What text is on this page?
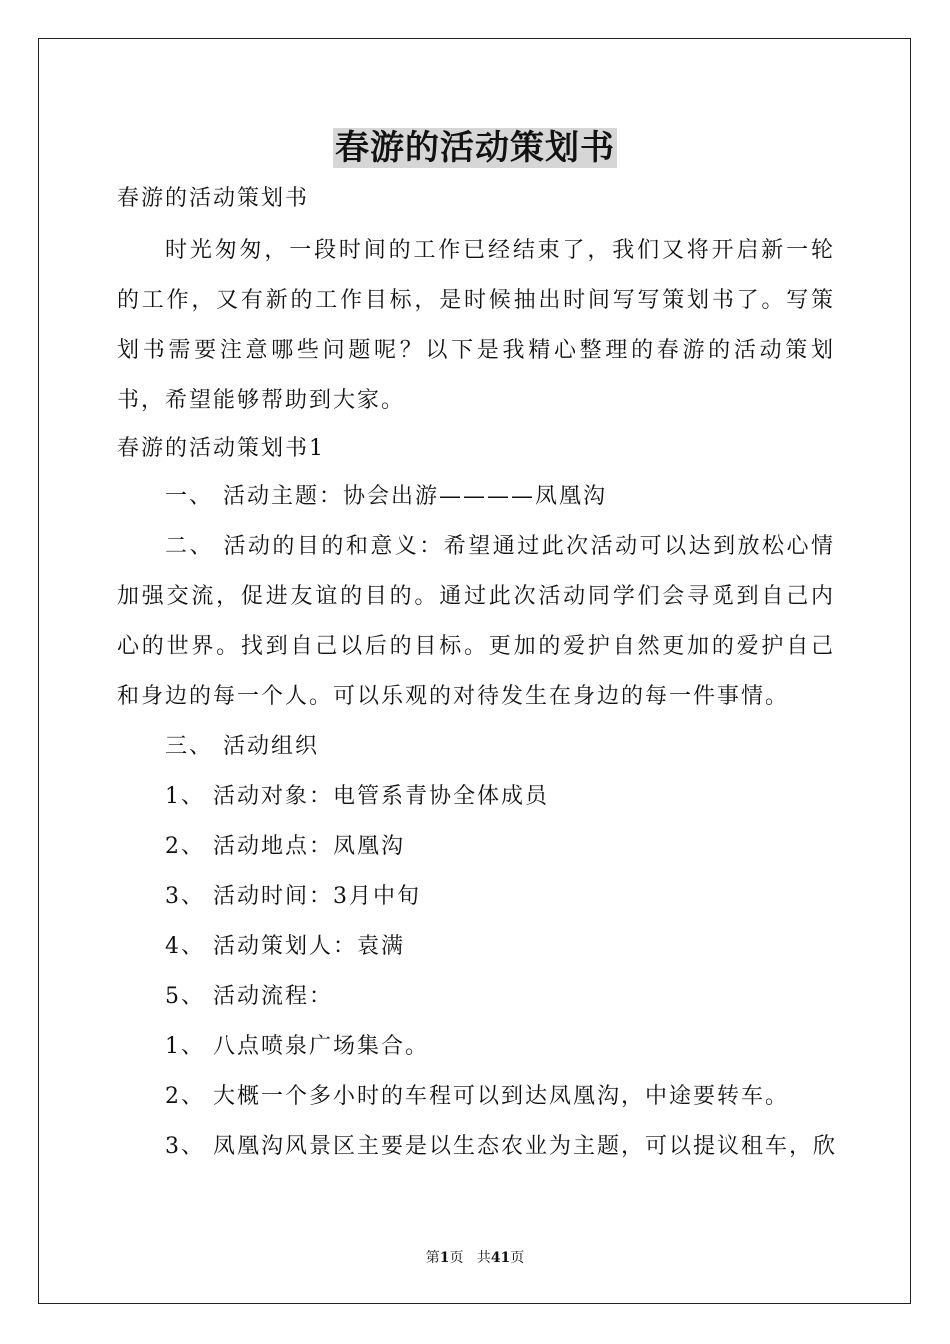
春游的活动策划书
春游的活动策划书
时光匆匆，一段时间的工作已经结束了，我们又将开启新一轮的工作，又有新的工作目标，是时候抽出时间写写策划书了。写策划书需要注意哪些问题呢？以下是我精心整理的春游的活动策划书，希望能够帮助到大家。
春游的活动策划书1
一、 活动主题：协会出游————凤凰沟
二、 活动的目的和意义：希望通过此次活动可以达到放松心情加强交流，促进友谊的目的。通过此次活动同学们会寻觅到自己内心的世界。找到自己以后的目标。更加的爱护自然更加的爱护自己和身边的每一个人。可以乐观的对待发生在身边的每一件事情。
三、 活动组织
1、 活动对象：电管系青协全体成员
2、 活动地点：凤凰沟
3、 活动时间：3月中旬
4、 活动策划人：袁满
5、 活动流程：
1、 八点喷泉广场集合。
2、 大概一个多小时的车程可以到达凤凰沟，中途要转车。
3、 凤凰沟风景区主要是以生态农业为主题，可以提议租车，欣
第1页 共41页
